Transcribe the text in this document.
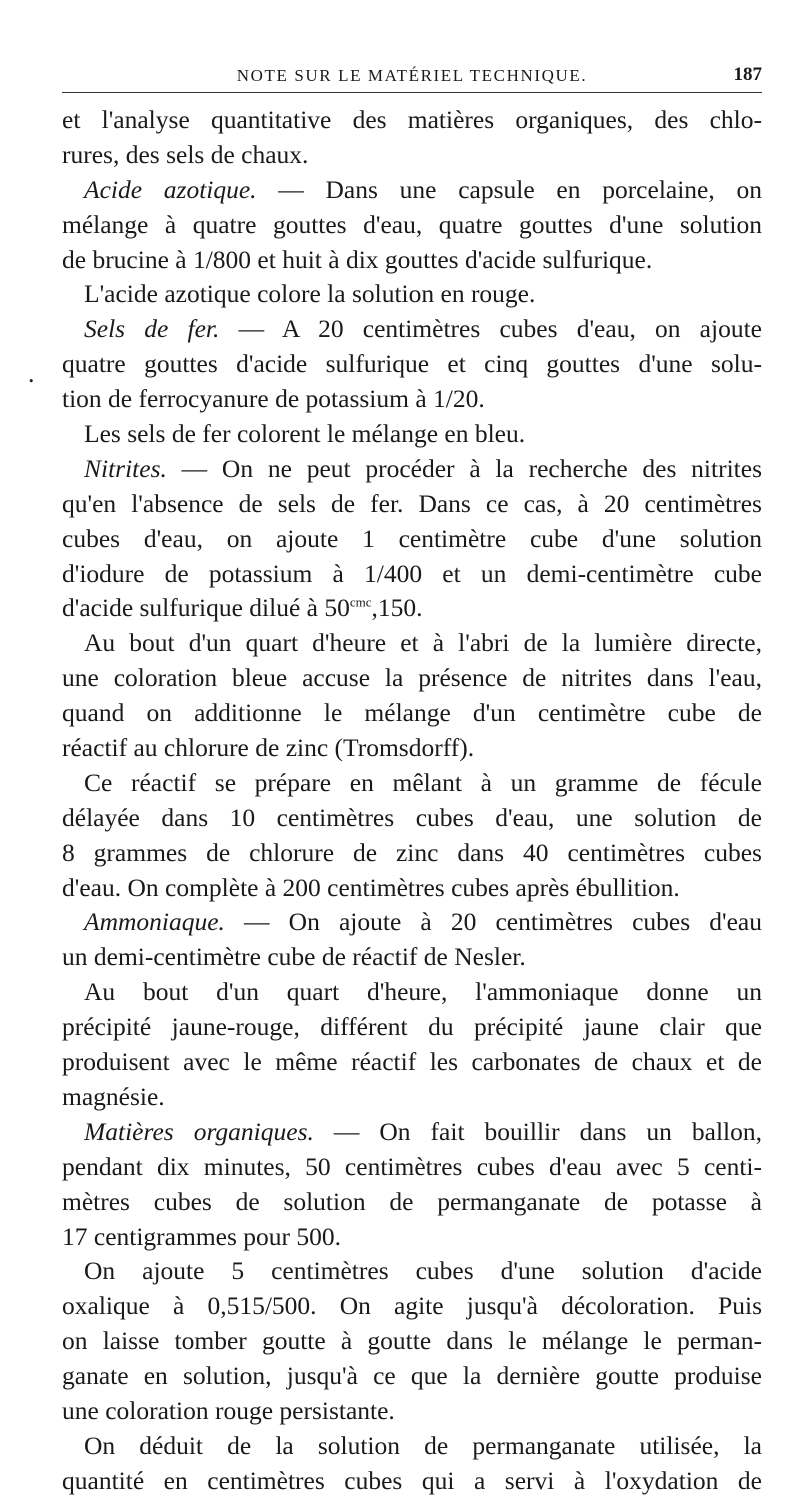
NOTE SUR LE MATÉRIEL TECHNIQUE.	187
.
et l'analyse quantitative des matières organiques, des chlo-
rures, des sels de chaux.
Acide azotique. — Dans une capsule en porcelaine, on
mélange à quatre gouttes d'eau, quatre gouttes d'une solution
de brucine à 1/800 et huit à dix gouttes d'acide sulfurique.
L'acide azotique colore la solution en rouge.
Sels de fer. — A 20 centimètres cubes d'eau, on ajoute
quatre gouttes d'acide sulfurique et cinq gouttes d'une solu-
tion de ferrocyanure de potassium à 1/20.
Les sels de fer colorent le mélange en bleu.
Nitrites. — On ne peut procéder à la recherche des nitrites
qu'en l'absence de sels de fer. Dans ce cas, à 20 centimètres
cubes d'eau, on ajoute 1 centimètre cube d'une solution
d'iodure de potassium à 1/400 et un demi-centimètre cube
d'acide sulfurique dilué à $50^{cmc},150$.
Au bout d'un quart d'heure et à l'abri de la lumière directe,
une coloration bleue accuse la présence de nitrites dans l'eau,
quand on additionne le mélange d'un centimètre cube de
réactif au chlorure de zinc (Tromsdorff).
Ce réactif se prépare en mêlant à un gramme de fécule
délayée dans 10 centimètres cubes d'eau, une solution de
8 grammes de chlorure de zinc dans 40 centimètres cubes
d'eau. On complète à 200 centimètres cubes après ébullition.
Ammoniaque. — On ajoute à 20 centimètres cubes d'eau
un demi-centimètre cube de réactif de Nesler.
Au bout d'un quart d'heure, l'ammoniaque donne un
précipité jaune-rouge, différent du précipité jaune clair que
produisent avec le même réactif les carbonates de chaux et de
magnésie.
Matières organiques. — On fait bouillir dans un ballon,
pendant dix minutes, 50 centimètres cubes d'eau avec 5 centi-
mètres cubes de solution de permanganate de potasse à
17 centigrammes pour 500.
On ajoute 5 centimètres cubes d'une solution d'acide
oxalique à 0,515/500. On agite jusqu'à décoloration. Puis
on laisse tomber goutte à goutte dans le mélange le perman-
ganate en solution, jusqu'à ce que la dernière goutte produise
une coloration rouge persistante.
On déduit de la solution de permanganate utilisée, la
quantité en centimètres cubes qui a servi à l'oxydation de
